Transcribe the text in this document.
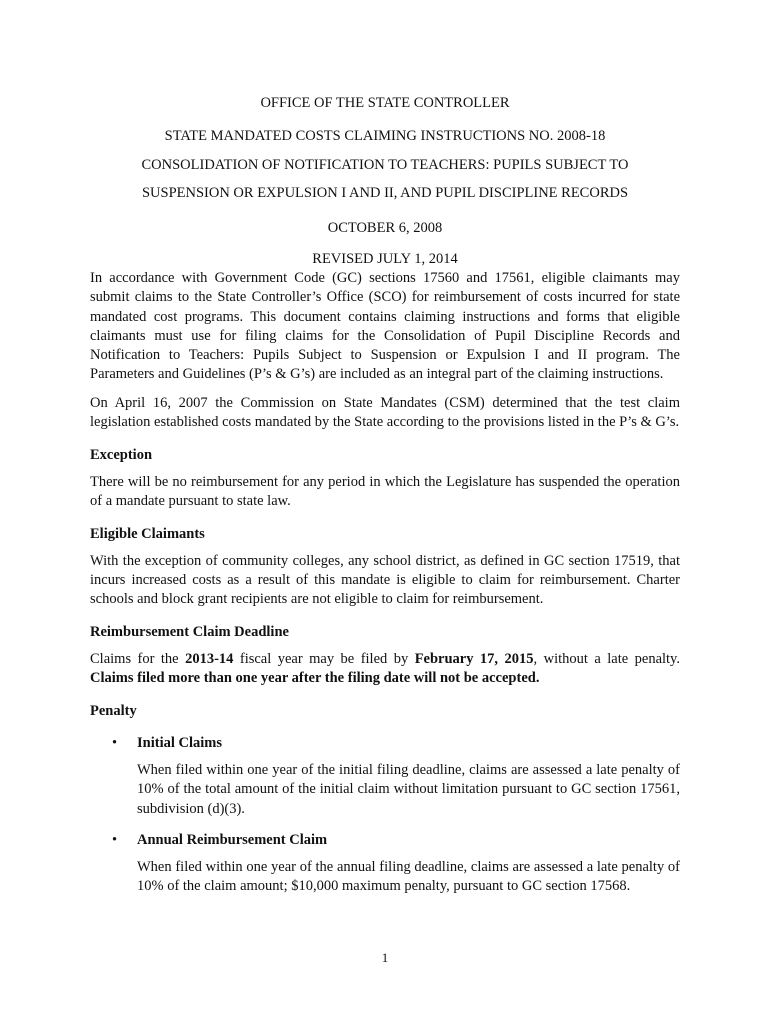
OFFICE OF THE STATE CONTROLLER

STATE MANDATED COSTS CLAIMING INSTRUCTIONS NO. 2008-18

CONSOLIDATION OF NOTIFICATION TO TEACHERS: PUPILS SUBJECT TO

SUSPENSION OR EXPULSION I AND II, AND PUPIL DISCIPLINE RECORDS

OCTOBER 6, 2008

REVISED JULY 1, 2014

In accordance with Government Code (GC) sections 17560 and 17561, eligible claimants may submit claims to the State Controller’s Office (SCO) for reimbursement of costs incurred for state mandated cost programs. This document contains claiming instructions and forms that eligible claimants must use for filing claims for the Consolidation of Pupil Discipline Records and Notification to Teachers: Pupils Subject to Suspension or Expulsion I and II program. The Parameters and Guidelines (P’s & G’s) are included as an integral part of the claiming instructions.

On April 16, 2007 the Commission on State Mandates (CSM) determined that the test claim legislation established costs mandated by the State according to the provisions listed in the P’s & G’s.

Exception

There will be no reimbursement for any period in which the Legislature has suspended the operation of a mandate pursuant to state law.

Eligible Claimants

With the exception of community colleges, any school district, as defined in GC section 17519, that incurs increased costs as a result of this mandate is eligible to claim for reimbursement. Charter schools and block grant recipients are not eligible to claim for reimbursement.

Reimbursement Claim Deadline

Claims for the 2013-14 fiscal year may be filed by February 17, 2015, without a late penalty. Claims filed more than one year after the filing date will not be accepted.

Penalty

• Initial Claims

When filed within one year of the initial filing deadline, claims are assessed a late penalty of 10% of the total amount of the initial claim without limitation pursuant to GC section 17561, subdivision (d)(3).

• Annual Reimbursement Claim

When filed within one year of the annual filing deadline, claims are assessed a late penalty of 10% of the claim amount; $10,000 maximum penalty, pursuant to GC section 17568.

1
